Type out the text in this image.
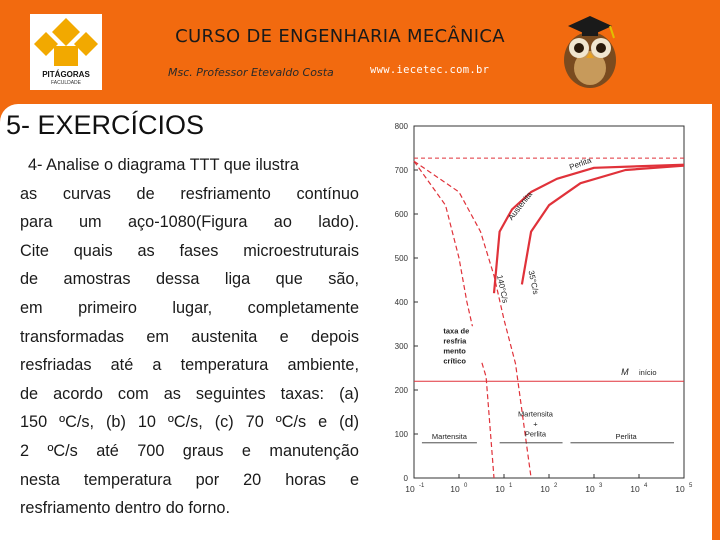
PITÁGORAS
FACULDADE
CURSO DE ENGENHARIA MECÂNICA
Msc. Professor Etevaldo Costa	www.iecetec.com.br
5- EXERCÍCIOS
4- Analise o diagrama TTT que ilustra
as curvas de resfriamento contínuo
para um aço-1080(Figura ao lado).
Cite quais as fases microestruturais
de amostras dessa liga que são,
em primeiro lugar, completamente
transformadas em austenita e depois
resfriadas até a temperatura ambiente,
de acordo com as seguintes taxas: (a)
150 ºC/s, (b) 10 ºC/s, (c) 70 ºC/s e (d)
2 ºC/s até 700 graus e manutenção
nesta temperatura por 20 horas e
resfriamento dentro do forno.
0
100
200
300
400
500
600
700
800
10 -1	10 0	10 1	10 2	10 3	10 4	10 5
Perlita
Austenita
140°C/s 35°C/s
taxa de
resfria
mento
crítico
M início
Martensita
Martensita
+
Perlita	Perlita
